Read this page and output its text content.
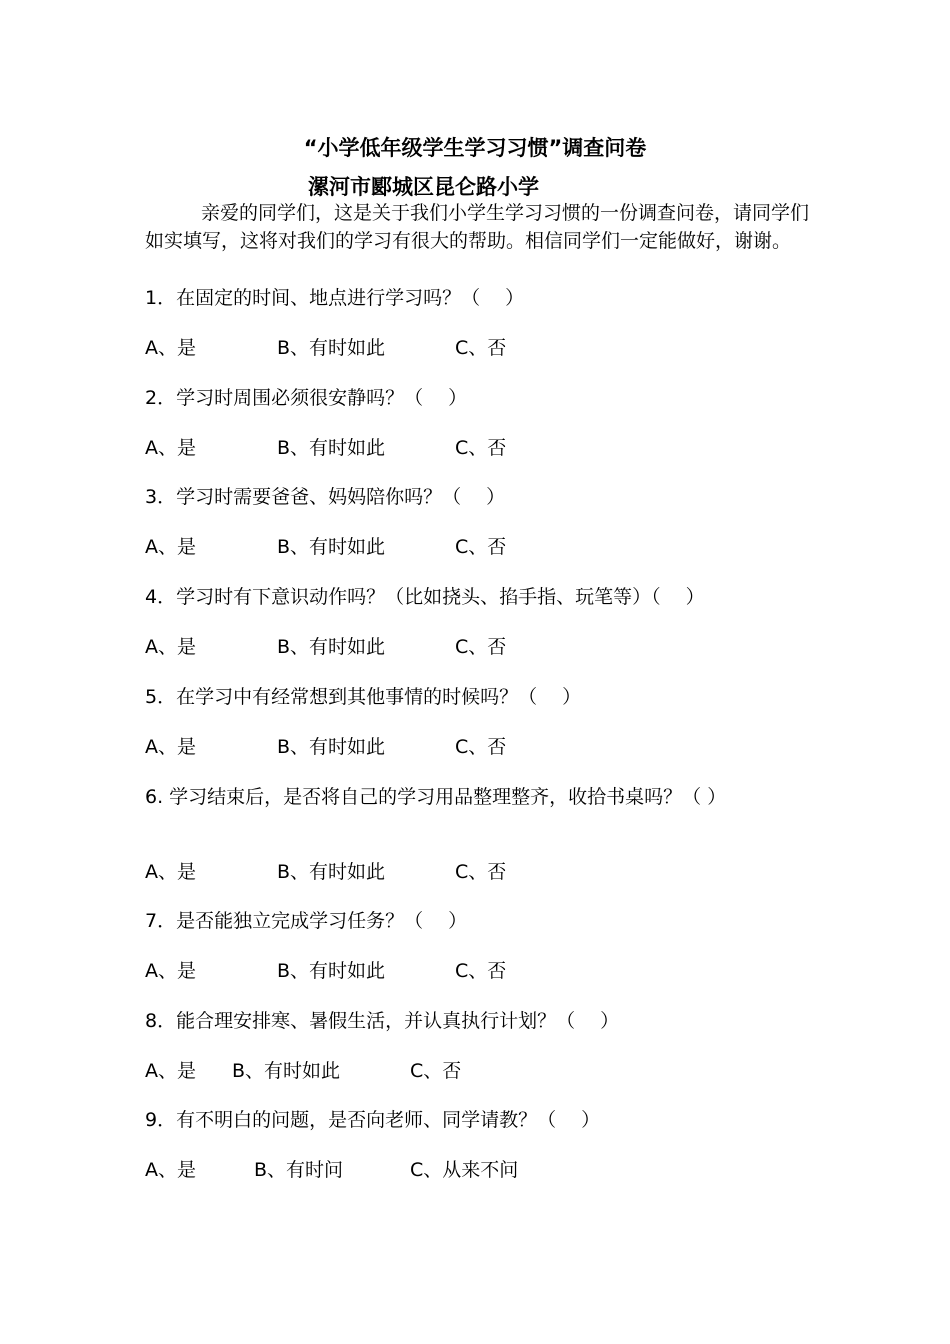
“小学低年级学生学习习惯”调查问卷
漯河市郾城区昆仑路小学
亲爱的同学们，这是关于我们小学生学习习惯的一份调查问卷，请同学们如实填写，这将对我们的学习有很大的帮助。相信同学们一定能做好，谢谢。
1．在固定的时间、地点进行学习吗？（　 ）
A、是	B、有时如此	C、否
2．学习时周围必须很安静吗？（　 ）
A、是	B、有时如此	C、否
3．学习时需要爸爸、妈妈陪你吗？（　 ）
A、是	B、有时如此	C、否
4．学习时有下意识动作吗？（比如挠头、掐手指、玩笔等）（　 ）
A、是	B、有时如此	C、否
5．在学习中有经常想到其他事情的时候吗？（　 ）
A、是	B、有时如此	C、否
6. 学习结束后，是否将自己的学习用品整理整齐，收拾书桌吗？（ ）
A、是	B、有时如此	C、否
7．是否能独立完成学习任务？（　 ）
A、是	B、有时如此	C、否
8．能合理安排寒、暑假生活，并认真执行计划？（　 ）
A、是 B、有时如此	C、否
9．有不明白的问题，是否向老师、同学请教？（　 ）
A、是	B、有时问	C、从来不问
